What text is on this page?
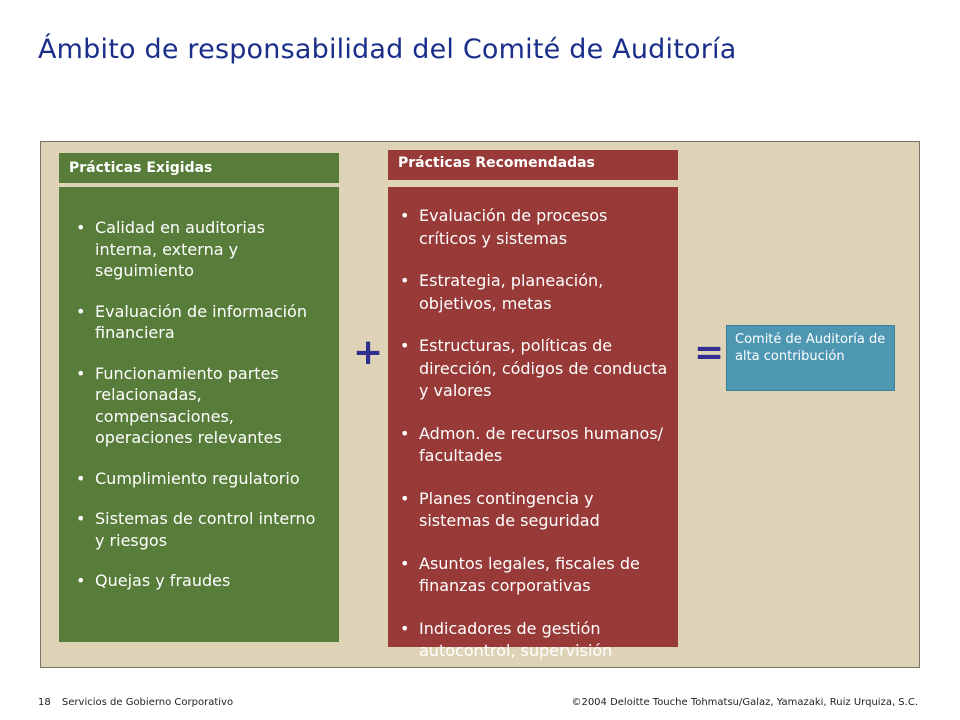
Ámbito de responsabilidad del Comité de Auditoría
Prácticas Exigidas
• Calidad en auditorias interna, externa y seguimiento
• Evaluación de información financiera
• Funcionamiento partes relacionadas, compensaciones, operaciones relevantes
• Cumplimiento regulatorio
• Sistemas de control interno y riesgos
• Quejas y fraudes
+
Prácticas Recomendadas
• Evaluación de procesos críticos y sistemas
• Estrategia, planeación, objetivos, metas
• Estructuras, políticas de dirección, códigos de conducta y valores
• Admon. de recursos humanos/ facultades
• Planes contingencia y sistemas de seguridad
• Asuntos legales, fiscales de finanzas corporativas
• Indicadores de gestión autocontrol, supervisión
= Comité de Auditoría de alta contribución
18 Servicios de Gobierno Corporativo	©2004 Deloitte Touche Tohmatsu/Galaz, Yamazaki, Ruiz Urquiza, S.C.
